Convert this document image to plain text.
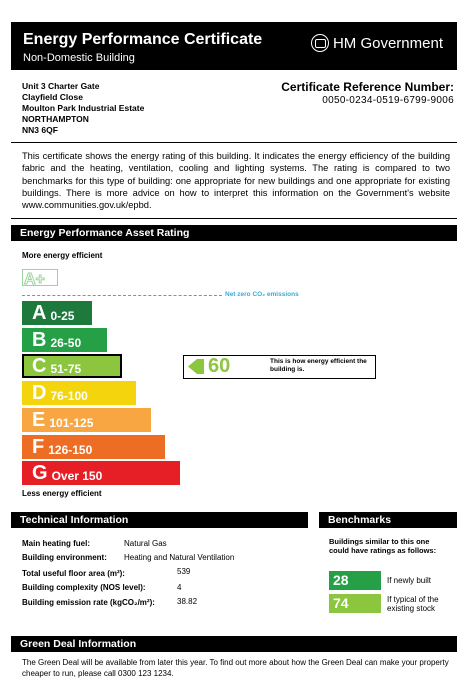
Energy Performance Certificate
Non-Domestic Building
HM Government
Unit 3 Charter Gate
Clayfield Close
Moulton Park Industrial Estate
NORTHAMPTON
NN3 6QF
Certificate Reference Number:
0050-0234-0519-6799-9006
This certificate shows the energy rating of this building. It indicates the energy efficiency of the building fabric and the heating, ventilation, cooling and lighting systems. The rating is compared to two benchmarks for this type of building: one appropriate for new buildings and one appropriate for existing buildings. There is more advice on how to interpret this information on the Government's website www.communities.gov.uk/epbd.
Energy Performance Asset Rating
More energy efficient
A+
Net zero CO₂ emissions
A 0-25
B 26-50
C 51-75
D 76-100
E 101-125
F 126-150
G Over 150
60	This is how energy efficient the building is.
Less energy efficient
Technical Information
Main heating fuel:	Natural Gas
Building environment: Heating and Natural Ventilation
Total useful floor area (m²):	539
Building complexity (NOS level):	4
Building emission rate (kgCO₂/m²):	38.82
Benchmarks
Buildings similar to this one could have ratings as follows:
28	If newly built
74	If typical of the existing stock
Green Deal Information
The Green Deal will be available from later this year. To find out more about how the Green Deal can make your property cheaper to run, please call 0300 123 1234.
